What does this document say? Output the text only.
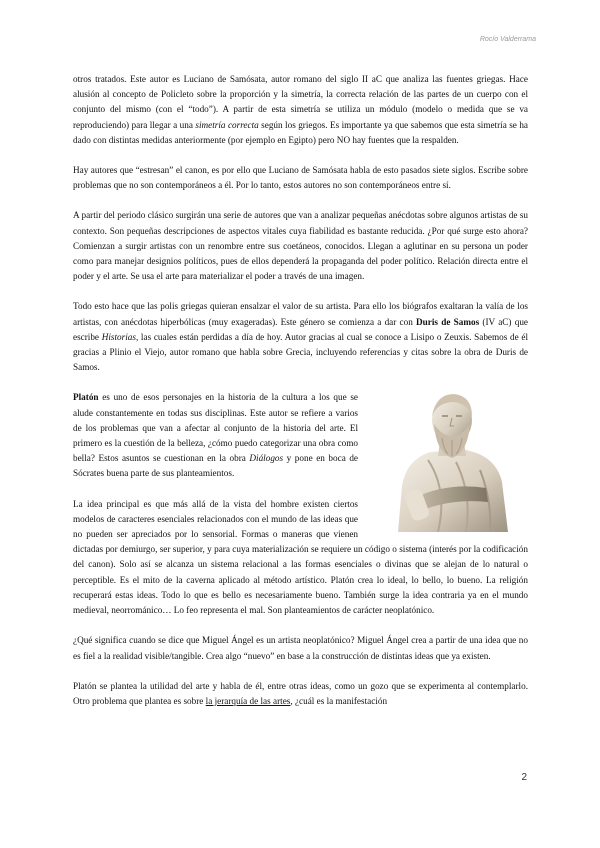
Rocío Valderrama

otros tratados. Este autor es Luciano de Samósata, autor romano del siglo II aC que analiza las fuentes griegas. Hace alusión al concepto de Policleto sobre la proporción y la simetría, la correcta relación de las partes de un cuerpo con el conjunto del mismo (con el “todo”). A partir de esta simetría se utiliza un módulo (modelo o medida que se va reproduciendo) para llegar a una simetría correcta según los griegos. Es importante ya que sabemos que esta simetría se ha dado con distintas medidas anteriormente (por ejemplo en Egipto) pero NO hay fuentes que la respalden.

Hay autores que “estresan” el canon, es por ello que Luciano de Samósata habla de esto pasados siete siglos. Escribe sobre problemas que no son contemporáneos a él. Por lo tanto, estos autores no son contemporáneos entre sí.

A partir del periodo clásico surgirán una serie de autores que van a analizar pequeñas anécdotas sobre algunos artistas de su contexto. Son pequeñas descripciones de aspectos vitales cuya fiabilidad es bastante reducida. ¿Por qué surge esto ahora? Comienzan a surgir artistas con un renombre entre sus coetáneos, conocidos. Llegan a aglutinar en su persona un poder como para manejar designios políticos, pues de ellos dependerá la propaganda del poder político. Relación directa entre el poder y el arte. Se usa el arte para materializar el poder a través de una imagen.

Todo esto hace que las polis griegas quieran ensalzar el valor de su artista. Para ello los biógrafos exaltaran la valía de los artistas, con anécdotas hiperbólicas (muy exageradas). Este género se comienza a dar con Duris de Samos (IV aC) que escribe Historias, las cuales están perdidas a día de hoy. Autor gracias al cual se conoce a Lisipo o Zeuxis. Sabemos de él gracias a Plinio el Viejo, autor romano que habla sobre Grecia, incluyendo referencias y citas sobre la obra de Duris de Samos.

Platón es uno de esos personajes en la historia de la cultura a los que se alude constantemente en todas sus disciplinas. Este autor se refiere a varios de los problemas que van a afectar al conjunto de la historia del arte. El primero es la cuestión de la belleza, ¿cómo puedo categorizar una obra como bella? Estos asuntos se cuestionan en la obra Diálogos y pone en boca de Sócrates buena parte de sus planteamientos.

La idea principal es que más allá de la vista del hombre existen ciertos modelos de caracteres esenciales relacionados con el mundo de las ideas que no pueden ser apreciados por lo sensorial. Formas o maneras que vienen dictadas por demiurgo, ser superior, y para cuya materialización se requiere un código o sistema (interés por la codificación del canon). Solo así se alcanza un sistema relacional a las formas esenciales o divinas que se alejan de lo natural o perceptible. Es el mito de la caverna aplicado al método artístico. Platón crea lo ideal, lo bello, lo bueno. La religión recuperará estas ideas. Todo lo que es bello es necesariamente bueno. También surge la idea contraria ya en el mundo medieval, neorrománico… Lo feo representa el mal. Son planteamientos de carácter neoplatónico.

¿Qué significa cuando se dice que Miguel Ángel es un artista neoplatónico? Miguel Ángel crea a partir de una idea que no es fiel a la realidad visible/tangible. Crea algo “nuevo” en base a la construcción de distintas ideas que ya existen.

Platón se plantea la utilidad del arte y habla de él, entre otras ideas, como un gozo que se experimenta al contemplarlo. Otro problema que plantea es sobre la jerarquía de las artes, ¿cuál es la manifestación

2
